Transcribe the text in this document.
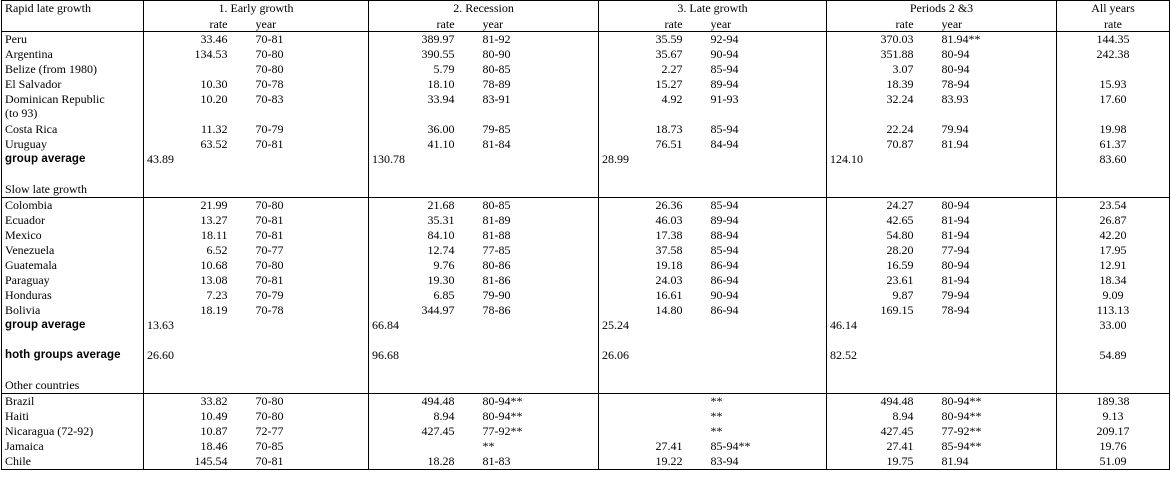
Rapid late growth	1. Early growth		2. Recession		3. Late growth		Periods 2 &3		All years
	rate	year	rate	year	rate	year	rate	year	rate
Peru	33.46	70-81	389.97	81-92	35.59	92-94	370.03	81.94**	144.35
Argentina	134.53	70-80	390.55	80-90	35.67	90-94	351.88	80-94	242.38
Belize (from 1980)		70-80	5.79	80-85	2.27	85-94	3.07	80-94	
El Salvador	10.30	70-78	18.10	78-89	15.27	89-94	18.39	78-94	15.93

Dominican Republic
(to 93)	10.20	70-83	33.94	83-91	4.92	91-93	32.24	83.93	17.60
Costa Rica	11.32	70-79	36.00	79-85	18.73	85-94	22.24	79.94	19.98
Uruguay	63.52	70-81	41.10	81-84	76.51	84-94	70.87	81.94	61.37
group average	43.89		130.78		28.99		124.10		83.60

Slow late growth									
Colombia	21.99	70-80	21.68	80-85	26.36	85-94	24.27	80-94	23.54
Ecuador	13.27	70-81	35.31	81-89	46.03	89-94	42.65	81-94	26.87
Mexico	18.11	70-81	84.10	81-88	17.38	88-94	54.80	81-94	42.20
Venezuela	6.52	70-77	12.74	77-85	37.58	85-94	28.20	77-94	17.95
Guatemala	10.68	70-80	9.76	80-86	19.18	86-94	16.59	80-94	12.91
Paraguay	13.08	70-81	19.30	81-86	24.03	86-94	23.61	81-94	18.34
Honduras	7.23	70-79	6.85	79-90	16.61	90-94	9.87	79-94	9.09
Bolivia	18.19	70-78	344.97	78-86	14.80	86-94	169.15	78-94	113.13
group average	13.63		66.84		25.24		46.14		33.00

hoth groups average	26.60		96.68		26.06		82.52		54.89

Other countries									
Brazil	33.82	70-80	494.48	80-94**		**	494.48	80-94**	189.38
Haiti	10.49	70-80	8.94	80-94**		**	8.94	80-94**	9.13
Nicaragua (72-92)	10.87	72-77	427.45	77-92**		**	427.45	77-92**	209.17
Jamaica	18.46	70-85		**	27.41	85-94**	27.41	85-94**	19.76
Chile	145.54	70-81	18.28	81-83	19.22	83-94	19.75	81.94	51.09
